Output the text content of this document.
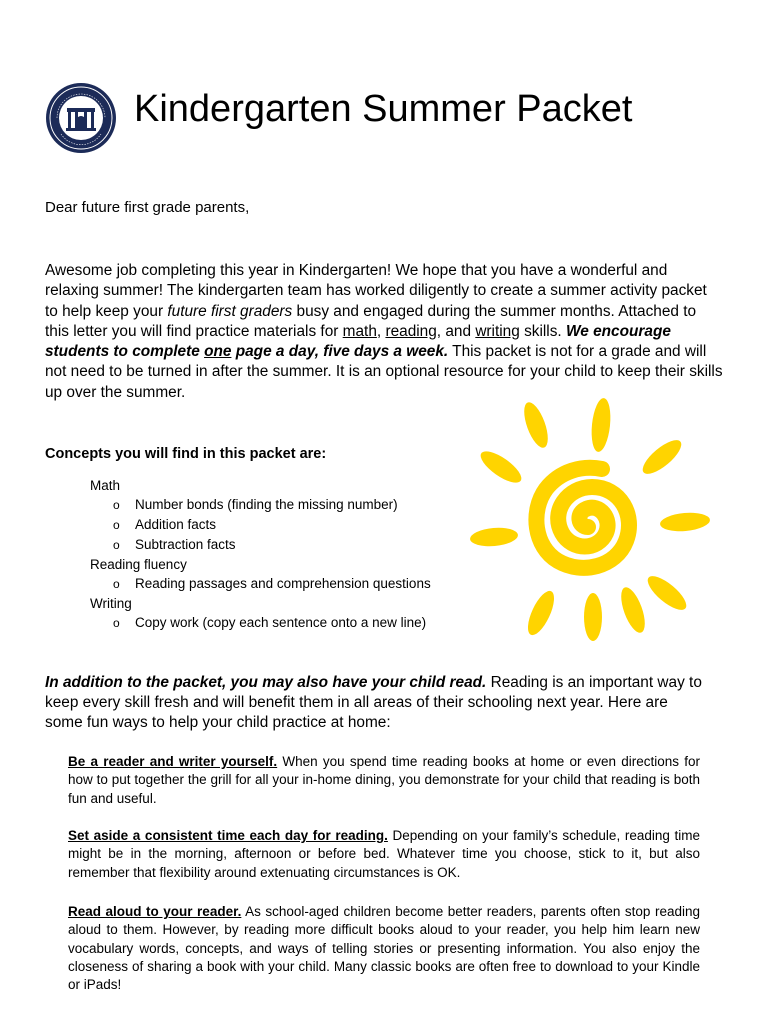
Kindergarten Summer Packet
Dear future first grade parents,
Awesome job completing this year in Kindergarten! We hope that you have a wonderful and relaxing summer! The kindergarten team has worked diligently to create a summer activity packet to help keep your future first graders busy and engaged during the summer months. Attached to this letter you will find practice materials for math, reading, and writing skills. We encourage students to complete one page a day, five days a week. This packet is not for a grade and will not need to be turned in after the summer. It is an optional resource for your child to keep their skills up over the summer.
Concepts you will find in this packet are:
Math
o Number bonds (finding the missing number)
o Addition facts
o Subtraction facts
Reading fluency
o Reading passages and comprehension questions
Writing
o Copy work (copy each sentence onto a new line)
In addition to the packet, you may also have your child read. Reading is an important way to keep every skill fresh and will benefit them in all areas of their schooling next year. Here are some fun ways to help your child practice at home:
Be a reader and writer yourself. When you spend time reading books at home or even directions for how to put together the grill for all your in-home dining, you demonstrate for your child that reading is both fun and useful.
Set aside a consistent time each day for reading. Depending on your family’s schedule, reading time might be in the morning, afternoon or before bed. Whatever time you choose, stick to it, but also remember that flexibility around extenuating circumstances is OK.
Read aloud to your reader. As school-aged children become better readers, parents often stop reading aloud to them. However, by reading more difficult books aloud to your reader, you help him learn new vocabulary words, concepts, and ways of telling stories or presenting information. You also enjoy the closeness of sharing a book with your child. Many classic books are often free to download to your Kindle or iPads!
